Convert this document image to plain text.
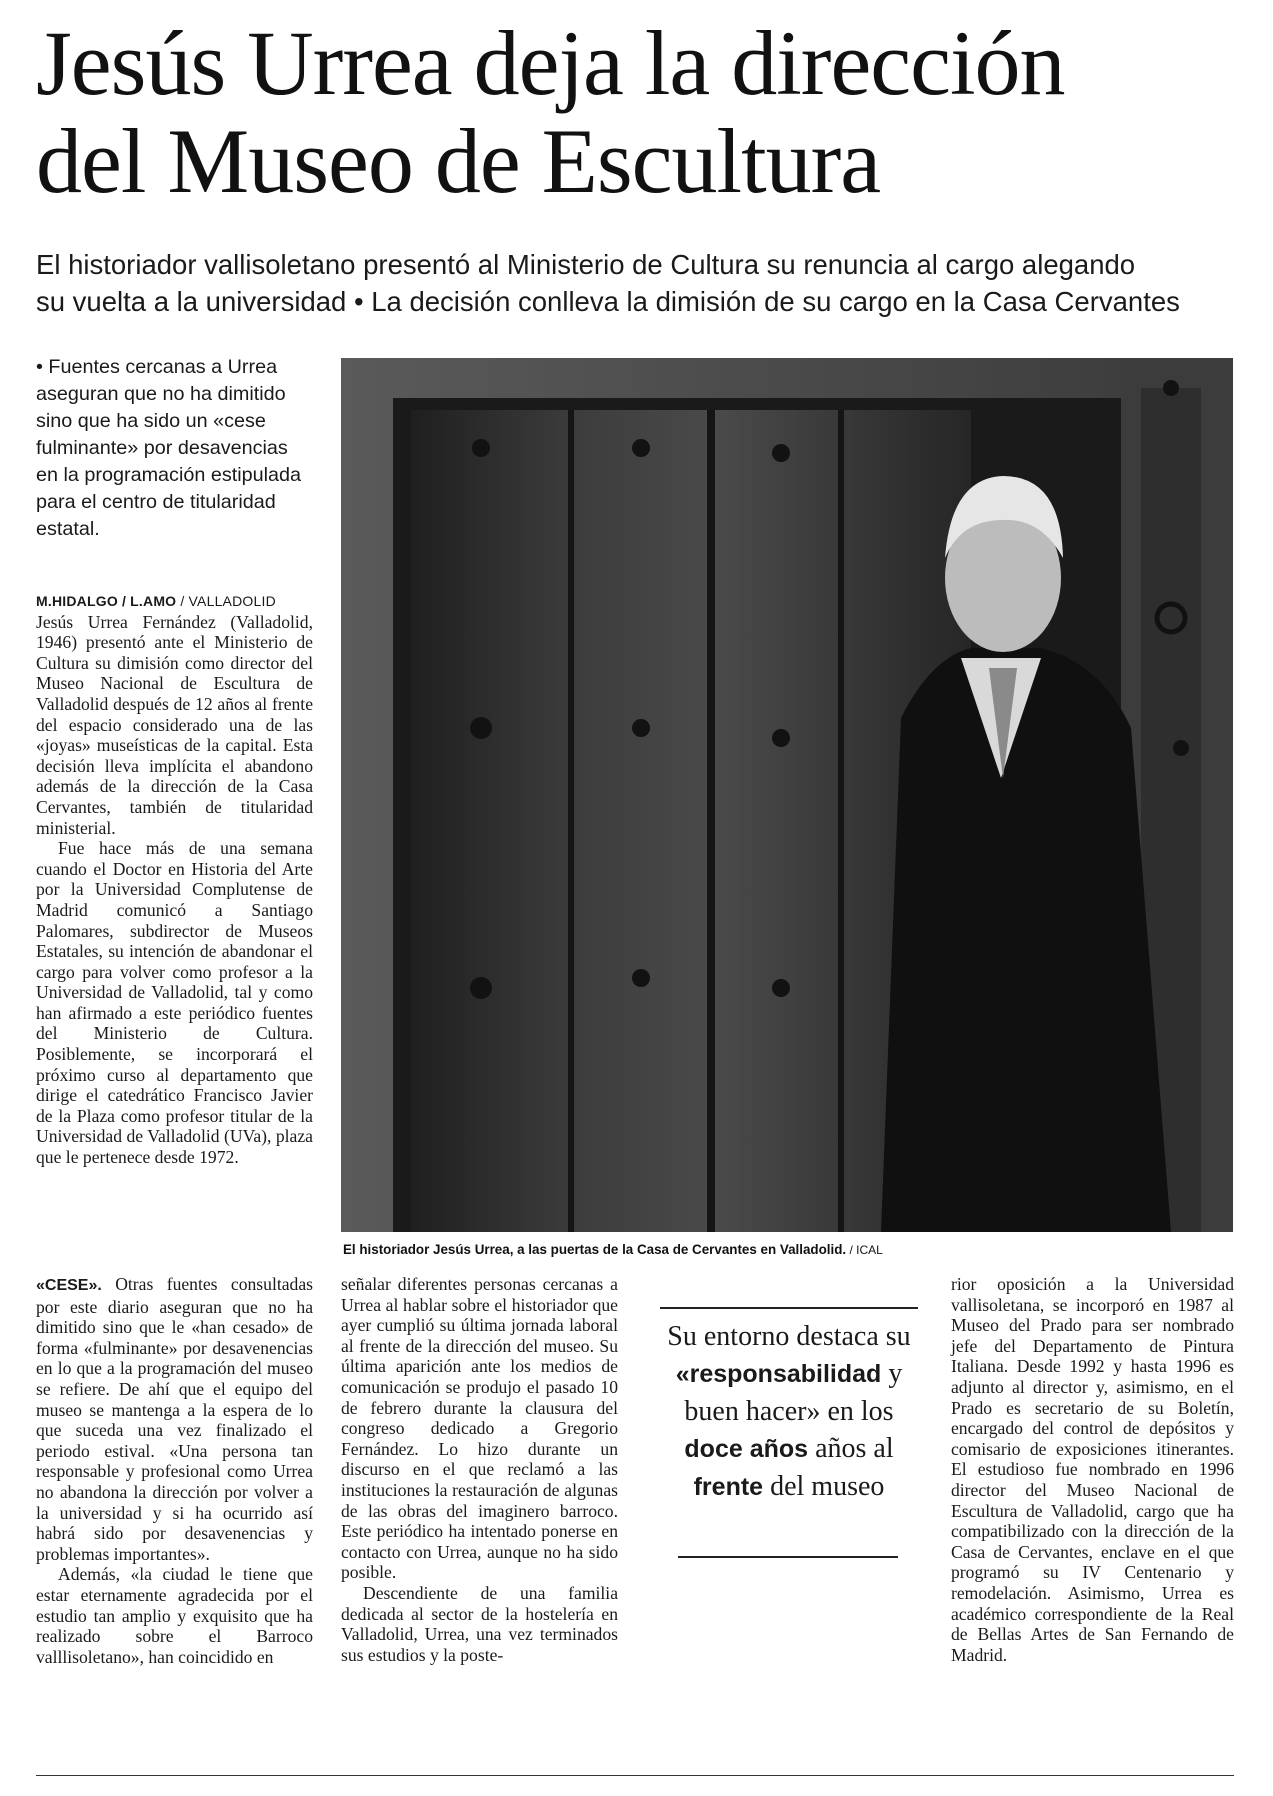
Jesús Urrea deja la dirección
del Museo de Escultura
El historiador vallisoletano presentó al Ministerio de Cultura su renuncia al cargo alegando
su vuelta a la universidad • La decisión conlleva la dimisión de su cargo en la Casa Cervantes

• Fuentes cercanas a Urrea aseguran que no ha dimitido sino que ha sido un «cese fulminante» por desavencias en la programación estipulada para el centro de titularidad estatal.

M.HIDALGO / L.AMO / VALLADOLID
Jesús Urrea Fernández (Valladolid, 1946) presentó ante el Ministerio de Cultura su dimisión como director del Museo Nacional de Escultura de Valladolid después de 12 años al frente del espacio considerado una de las «joyas» museísticas de la capital. Esta decisión lleva implícita el abandono además de la dirección de la Casa Cervantes, también de titularidad ministerial.

Fue hace más de una semana cuando el Doctor en Historia del Arte por la Universidad Complutense de Madrid comunicó a Santiago Palomares, subdirector de Museos Estatales, su intención de abandonar el cargo para volver como profesor a la Universidad de Valladolid, tal y como han afirmado a este periódico fuentes del Ministerio de Cultura. Posiblemente, se incorporará el próximo curso al departamento que dirige el catedrático Francisco Javier de la Plaza como profesor titular de la Universidad de Valladolid (UVa), plaza que le pertenece desde 1972.

El historiador Jesús Urrea, a las puertas de la Casa de Cervantes en Valladolid. / ICAL

«CESE». Otras fuentes consultadas por este diario aseguran que no ha dimitido sino que le «han cesado» de forma «fulminante» por desavenencias en lo que a la programación del museo se refiere. De ahí que el equipo del museo se mantenga a la espera de lo que suceda una vez finalizado el periodo estival. «Una persona tan responsable y profesional como Urrea no abandona la dirección por volver a la universidad y si ha ocurrido así habrá sido por desavenencias y problemas importantes».

Además, «la ciudad le tiene que estar eternamente agradecida por el estudio tan amplio y exquisito que ha realizado sobre el Barroco valllisoletano», han coincidido en

señalar diferentes personas cercanas a Urrea al hablar sobre el historiador que ayer cumplió su última jornada laboral al frente de la dirección del museo. Su última aparición ante los medios de comunicación se produjo el pasado 10 de febrero durante la clausura del congreso dedicado a Gregorio Fernández. Lo hizo durante un discurso en el que reclamó a las instituciones la restauración de algunas de las obras del imaginero barroco. Este periódico ha intentado ponerse en contacto con Urrea, aunque no ha sido posible.

Descendiente de una familia dedicada al sector de la hostelería en Valladolid, Urrea, una vez terminados sus estudios y la poste-

Su entorno destaca su «responsabilidad y buen hacer» en los doce años años al frente del museo

rior oposición a la Universidad vallisoletana, se incorporó en 1987 al Museo del Prado para ser nombrado jefe del Departamento de Pintura Italiana. Desde 1992 y hasta 1996 es adjunto al director y, asimismo, en el Prado es secretario de su Boletín, encargado del control de depósitos y comisario de exposiciones itinerantes. El estudioso fue nombrado en 1996 director del Museo Nacional de Escultura de Valladolid, cargo que ha compatibilizado con la dirección de la Casa de Cervantes, enclave en el que programó su IV Centenario y remodelación. Asimismo, Urrea es académico correspondiente de la Real de Bellas Artes de San Fernando de Madrid.
